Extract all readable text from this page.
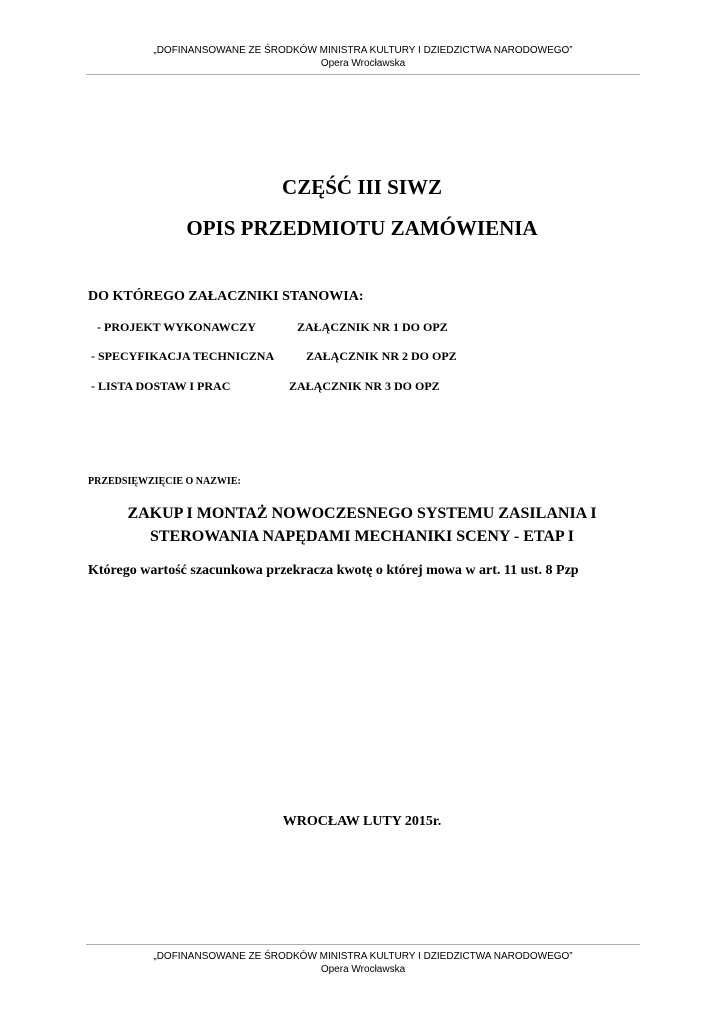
„DOFINANSOWANE ZE ŚRODKÓW MINISTRA KULTURY I DZIEDZICTWA NARODOWEGO”
Opera Wrocławska
CZĘŚĆ III SIWZ
OPIS PRZEDMIOTU ZAMÓWIENIA
DO KTÓREGO ZAŁACZNIKI STANOWIA:
- PROJEKT WYKONAWCZY	ZAŁĄCZNIK NR 1 DO OPZ
- SPECYFIKACJA TECHNICZNA	ZAŁĄCZNIK NR 2 DO OPZ
- LISTA DOSTAW I PRAC	ZAŁĄCZNIK NR 3 DO OPZ
PRZEDSIĘWZIĘCIE O NAZWIE:
ZAKUP I MONTAŻ NOWOCZESNEGO SYSTEMU ZASILANIA I
STEROWANIA NAPĘDAMI MECHANIKI SCENY - ETAP I
Którego wartość szacunkowa przekracza kwotę o której mowa w art. 11 ust. 8 Pzp
WROCŁAW LUTY 2015r.
„DOFINANSOWANE ZE ŚRODKÓW MINISTRA KULTURY I DZIEDZICTWA NARODOWEGO”
Opera Wrocławska
